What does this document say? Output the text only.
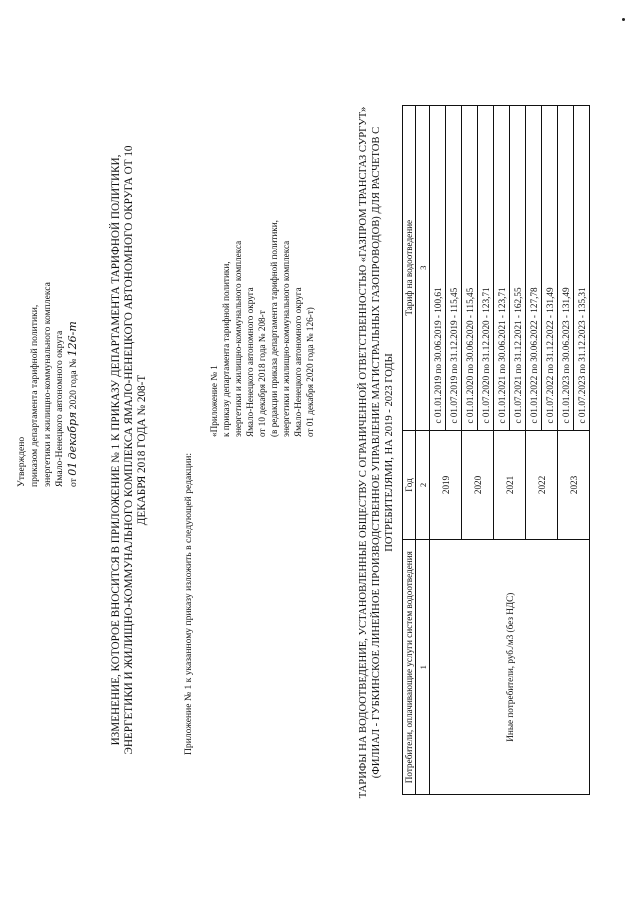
Утверждено приказом департамента тарифной политики, энергетики и жилищно-коммунального комплекса Ямало-Ненецкого автономного округа от 01 декабря 2020 года № 126-т	ИЗМЕНЕНИЕ, КОТОРОЕ ВНОСИТСЯ В ПРИЛОЖЕНИЕ № 1 К ПРИКАЗУ ДЕПАРТАМЕНТА ТАРИФНОЙ ПОЛИТИКИ, ЭНЕРГЕТИКИ И ЖИЛИЩНО-КОММУНАЛЬНОГО КОМПЛЕКСА ЯМАЛО-НЕНЕЦКОГО АВТОНОМНОГО ОКРУГА ОТ 10 ДЕКАБРЯ 2018 ГОДА № 208-Т
Приложение № 1 к указанному приказу изложить в следующей редакции:
«Приложение № 1 к приказу департамента тарифной политики, энергетики и жилищно-коммунального комплекса Ямало-Ненецкого автономного округа от 10 декабря 2018 года № 208-т (в редакции приказа департамента тарифной политики, энергетики и жилищно-коммунального комплекса Ямало-Ненецкого автономного округа от 01 декабря 2020 года № 126-т)	ТАРИФЫ НА ВОДООТВЕДЕНИЕ, УСТАНОВЛЕННЫЕ ОБЩЕСТВУ С ОГРАНИЧЕННОЙ ОТВЕТСТВЕННОСТЬЮ «ГАЗПРОМ ТРАНСГАЗ СУРГУТ» (ФИЛИАЛ - ГУБКИНСКОЕ ЛИНЕЙНОЕ ПРОИЗВОДСТВЕННОЕ УПРАВЛЕНИЕ МАГИСТРАЛЬНЫХ ГАЗОПРОВОДОВ) ДЛЯ РАСЧЕТОВ С ПОТРЕБИТЕЛЯМИ, НА 2019 - 2023 ГОДЫ
Потребители, оплачивающие услуги систем водоотведения	Год	Тариф на водоотведение
1	2	3
Иные потребители, руб./м3 (без НДС)	2019	с 01.01.2019 по 30.06.2019 - 100,61
		с 01.07.2019 по 31.12.2019 - 115,45
	2020	с 01.01.2020 по 30.06.2020 - 115,45
		с 01.07.2020 по 31.12.2020 - 123,71
	2021	с 01.01.2021 по 30.06.2021 - 123,71
		с 01.07.2021 по 31.12.2021 - 162,55
	2022	с 01.01.2022 по 30.06.2022 - 127,78
		с 01.07.2022 по 31.12.2022 - 131,49
	2023	с 01.01.2023 по 30.06.2023 - 131,49
		с 01.07.2023 по 31.12.2023 - 135,31
